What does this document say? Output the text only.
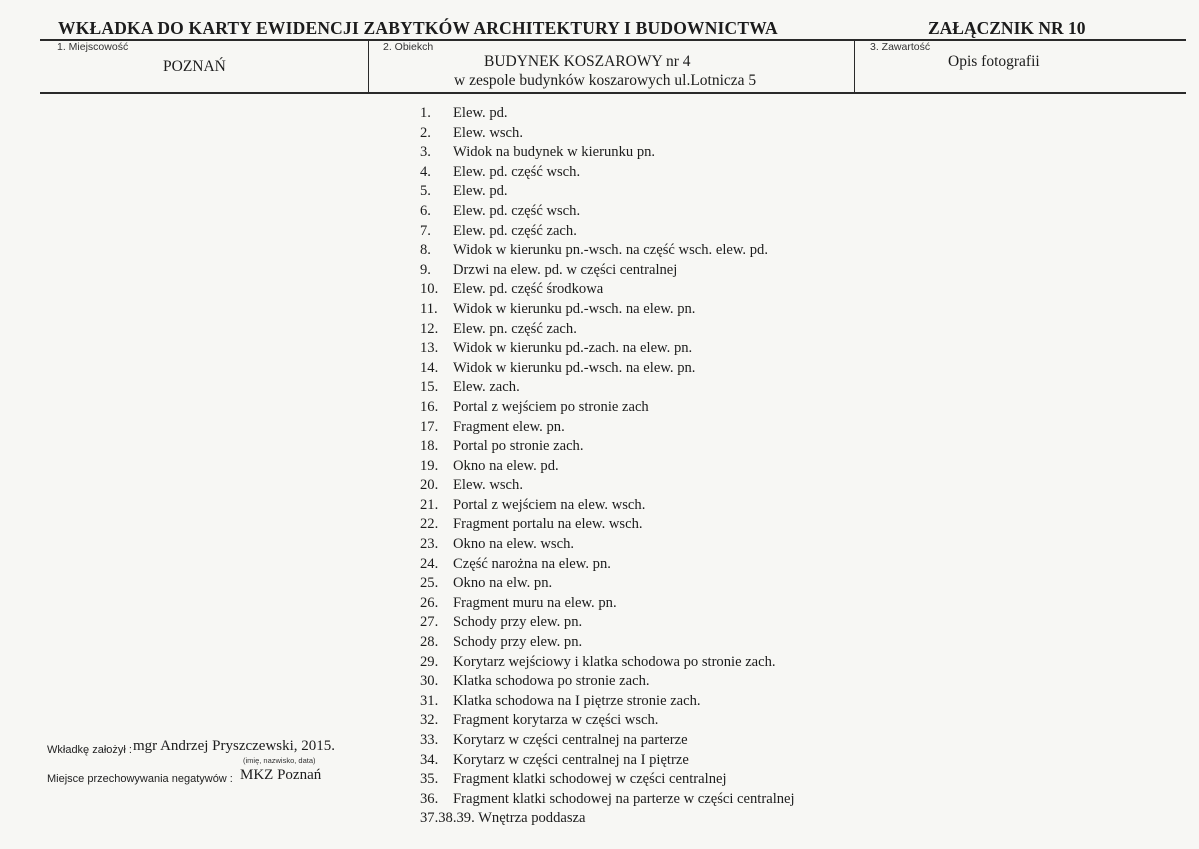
WKŁADKA DO KARTY EWIDENCJI ZABYTKÓW ARCHITEKTURY I BUDOWNICTWA	ZAŁĄCZNIK NR 10
1. Miejscowość
POZNAŃ
2. Obiekch
BUDYNEK KOSZAROWY nr 4
w zespole budynków koszarowych ul.Lotnicza 5
3. Zawartość
Opis fotografii
1. Elew. pd.
2. Elew. wsch.
3. Widok na budynek w kierunku pn.
4. Elew. pd. część wsch.
5. Elew. pd.
6. Elew. pd. część wsch.
7. Elew. pd. część zach.
8. Widok w kierunku pn.-wsch. na część wsch. elew. pd.
9. Drzwi na elew. pd. w części centralnej
10. Elew. pd. część środkowa
11. Widok w kierunku pd.-wsch. na elew. pn.
12. Elew. pn. część zach.
13. Widok w kierunku pd.-zach. na elew. pn.
14. Widok w kierunku pd.-wsch. na elew. pn.
15. Elew. zach.
16. Portal z wejściem po stronie zach
17. Fragment elew. pn.
18. Portal po stronie zach.
19. Okno na elew. pd.
20. Elew. wsch.
21. Portal z wejściem na elew. wsch.
22. Fragment portalu na elew. wsch.
23. Okno na elew. wsch.
24. Część narożna na elew. pn.
25. Okno na elw. pn.
26. Fragment muru na elew. pn.
27. Schody przy elew. pn.
28. Schody przy elew. pn.
29. Korytarz wejściowy i klatka schodowa po stronie zach.
30. Klatka schodowa po stronie zach.
31. Klatka schodowa na I piętrze stronie zach.
32. Fragment korytarza w części wsch.
33. Korytarz w części centralnej na parterze
34. Korytarz w części centralnej na I piętrze
35. Fragment klatki schodowej w części centralnej
36. Fragment klatki schodowej na parterze w części centralnej
37.38.39. Wnętrza poddasza
Wkładkę założył : mgr Andrzej Pryszczewski, 2015.
(imię, nazwisko, data)
Miejsce przechowywania negatywów : MKZ Poznań
